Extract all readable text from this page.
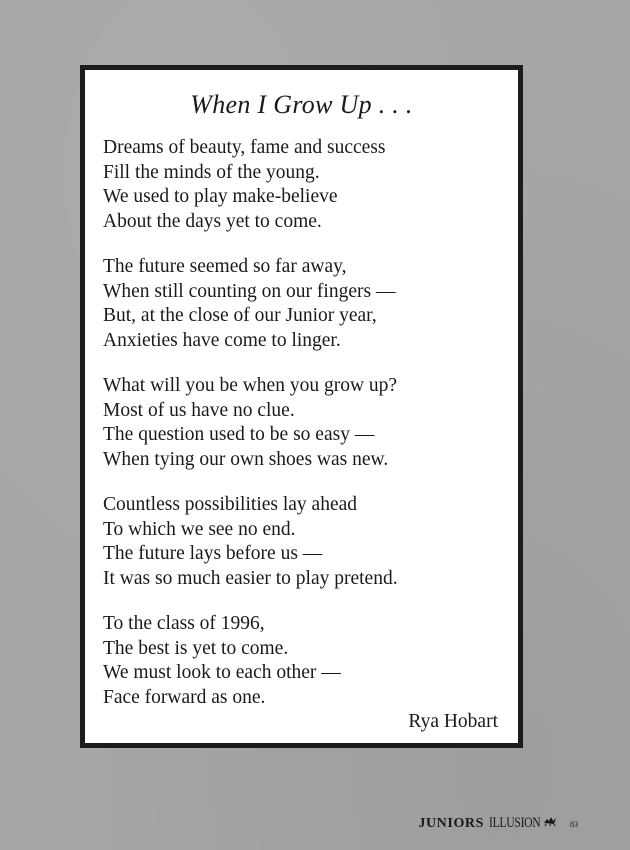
When I Grow Up . . .
Dreams of beauty, fame and success
Fill the minds of the young.
We used to play make-believe
About the days yet to come.
The future seemed so far away,
When still counting on our fingers —
But, at the close of our Junior year,
Anxieties have come to linger.
What will you be when you grow up?
Most of us have no clue.
The question used to be so easy —
When tying our own shoes was new.
Countless possibilities lay ahead
To which we see no end.
The future lays before us —
It was so much easier to play pretend.
To the class of 1996,
The best is yet to come.
We must look to each other —
Face forward as one.
Rya Hobart
JUNIORS ILLUSION	83
